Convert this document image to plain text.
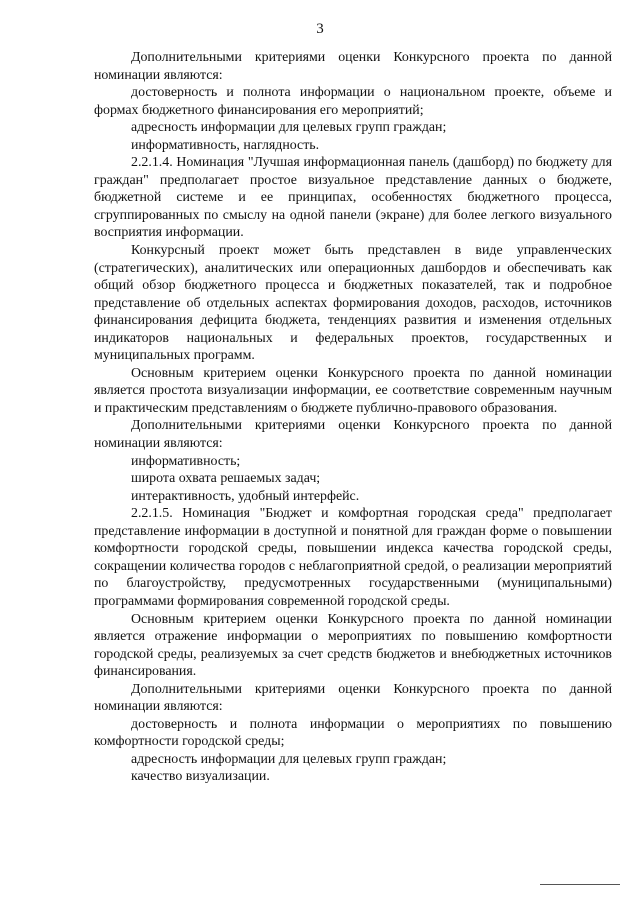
3

Дополнительными критериями оценки Конкурсного проекта по данной номинации являются:

достоверность и полнота информации о национальном проекте, объеме и формах бюджетного финансирования его мероприятий;

адресность информации для целевых групп граждан;

информативность, наглядность.

2.2.1.4. Номинация "Лучшая информационная панель (дашборд) по бюджету для граждан" предполагает простое визуальное представление данных о бюджете, бюджетной системе и ее принципах, особенностях бюджетного процесса, сгруппированных по смыслу на одной панели (экране) для более легкого визуального восприятия информации.

Конкурсный проект может быть представлен в виде управленческих (стратегических), аналитических или операционных дашбордов и обеспечивать как общий обзор бюджетного процесса и бюджетных показателей, так и подробное представление об отдельных аспектах формирования доходов, расходов, источников финансирования дефицита бюджета, тенденциях развития и изменения отдельных индикаторов национальных и федеральных проектов, государственных и муниципальных программ.

Основным критерием оценки Конкурсного проекта по данной номинации является простота визуализации информации, ее соответствие современным научным и практическим представлениям о бюджете публично-правового образования.

Дополнительными критериями оценки Конкурсного проекта по данной номинации являются:

информативность;

широта охвата решаемых задач;

интерактивность, удобный интерфейс.

2.2.1.5. Номинация "Бюджет и комфортная городская среда" предполагает представление информации в доступной и понятной для граждан форме о повышении комфортности городской среды, повышении индекса качества городской среды, сокращении количества городов с неблагоприятной средой, о реализации мероприятий по благоустройству, предусмотренных государственными (муниципальными) программами формирования современной городской среды.

Основным критерием оценки Конкурсного проекта по данной номинации является отражение информации о мероприятиях по повышению комфортности городской среды, реализуемых за счет средств бюджетов и внебюджетных источников финансирования.

Дополнительными критериями оценки Конкурсного проекта по данной номинации являются:

достоверность и полнота информации о мероприятиях по повышению комфортности городской среды;

адресность информации для целевых групп граждан;

качество визуализации.
